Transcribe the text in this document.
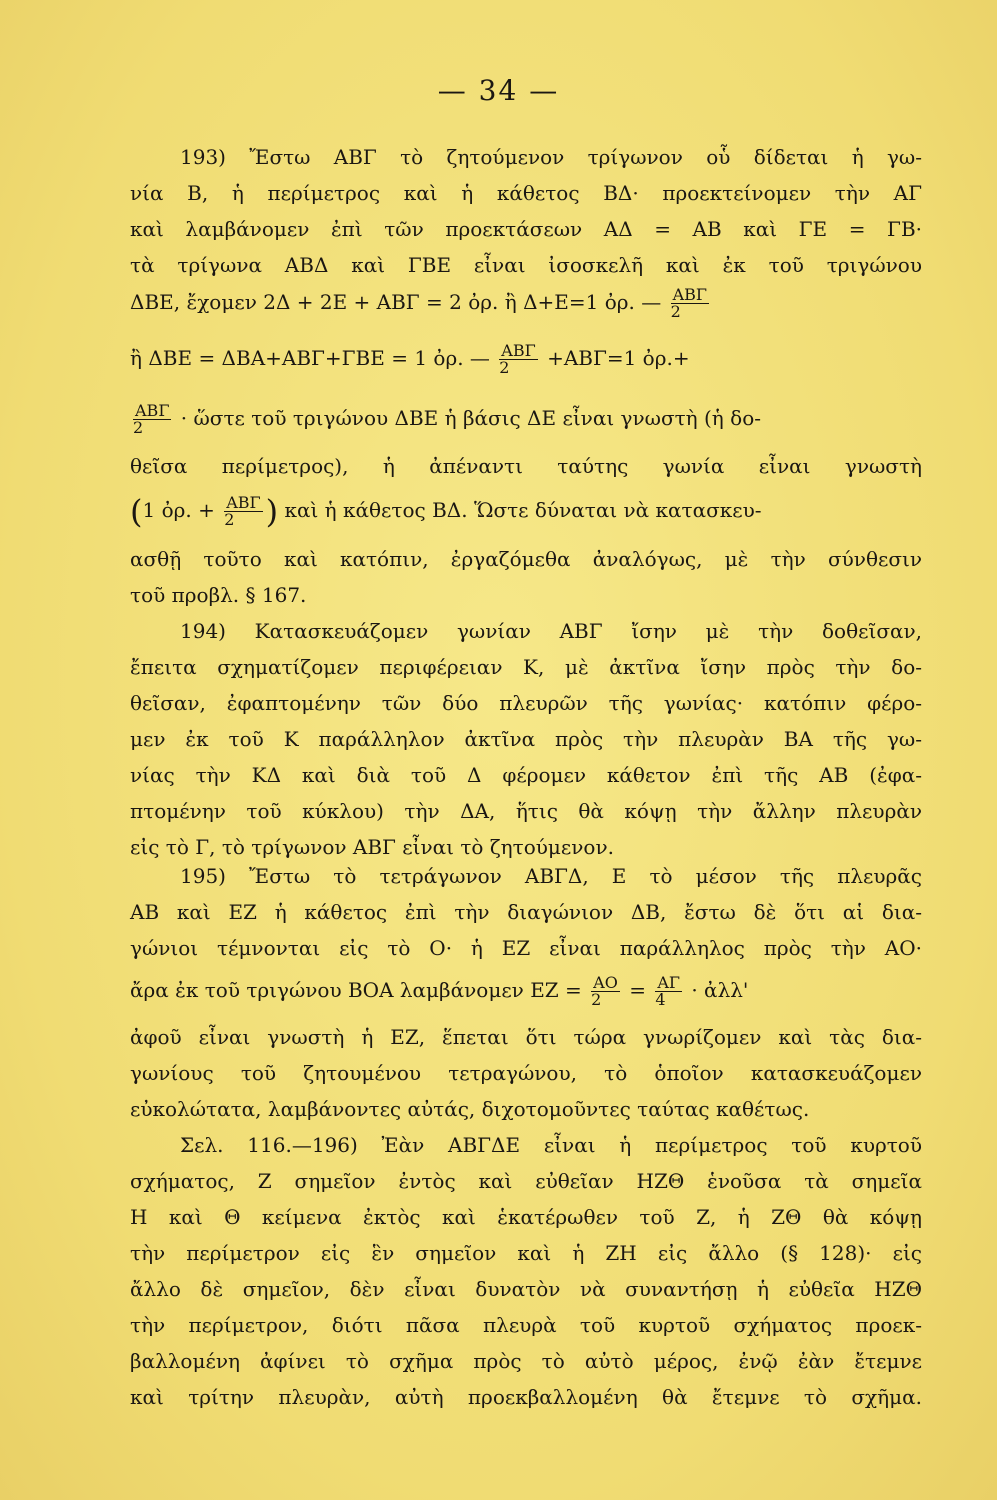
— 34 —
193) Ἔστω ΑΒΓ τὸ ζητούμενον τρίγωνον οὗ δίδεται ἡ γω-
νία Β, ἡ περίμετρος καὶ ἡ κάθετος ΒΔ· προεκτείνομεν τὴν ΑΓ
καὶ λαμβάνομεν ἐπὶ τῶν προεκτάσεων ΑΔ = ΑΒ καὶ ΓΕ = ΓΒ·
τὰ τρίγωνα ΑΒΔ καὶ ΓΒΕ εἶναι ἰσοσκελῆ καὶ ἐκ τοῦ τριγώνου
ΔΒΕ, ἔχομεν 2Δ + 2Ε + ΑΒΓ = 2 ὀρ. ἢ Δ+Ε=1 ὀρ. — $\frac{\text{ΑΒΓ}}{2}$
ἢ ΔΒΕ = ΔΒΑ+ΑΒΓ+ΓΒΕ = 1 ὀρ. — $\frac{\text{ΑΒΓ}}{2} +AB\Gamma=1$ ὀρ.+
$\frac{\text{ΑΒΓ}}{2}$ · ὥστε τοῦ τριγώνου ΔΒΕ ἡ βάσις ΔΕ εἶναι γνωστὴ (ἡ δο-
θεῖσα περίμετρος), ἡ ἀπέναντι ταύτης γωνία εἶναι γνωστὴ
(1 ὀρ. + $\frac{\text{ΑΒΓ}}{2}$ ) καὶ ἡ κάθετος ΒΔ. Ὥστε δύναται νὰ κατασκευ-
ασθῇ τοῦτο καὶ κατόπιν, ἐργαζόμεθα ἀναλόγως, μὲ τὴν σύνθεσιν
τοῦ προβλ. § 167.
194) Κατασκευάζομεν γωνίαν ΑΒΓ ἴσην μὲ τὴν δοθεῖσαν,
ἔπειτα σχηματίζομεν περιφέρειαν Κ, μὲ ἀκτῖνα ἴσην πρὸς τὴν δο-
θεῖσαν, ἐφαπτομένην τῶν δύο πλευρῶν τῆς γωνίας· κατόπιν φέρο-
μεν ἐκ τοῦ Κ παράλληλον ἀκτῖνα πρὸς τὴν πλευρὰν ΒΑ τῆς γω-
νίας τὴν ΚΔ καὶ διὰ τοῦ Δ φέρομεν κάθετον ἐπὶ τῆς ΑΒ (ἐφα-
πτομένην τοῦ κύκλου) τὴν ΔΑ, ἥτις θὰ κόψῃ τὴν ἄλλην πλευρὰν
εἰς τὸ Γ, τὸ τρίγωνον ΑΒΓ εἶναι τὸ ζητούμενον.
195) Ἔστω τὸ τετράγωνον ΑΒΓΔ, Ε τὸ μέσον τῆς πλευρᾶς
ΑΒ καὶ ΕΖ ἡ κάθετος ἐπὶ τὴν διαγώνιον ΔΒ, ἔστω δὲ ὅτι αἱ δια-
γώνιοι τέμνονται εἰς τὸ Ο· ἡ ΕΖ εἶναι παράλληλος πρὸς τὴν ΑΟ·
ἄρα ἐκ τοῦ τριγώνου ΒΟΑ λαμβάνομεν $EZ = \frac{AO}{2} = \frac{A\Gamma}{4}$ · ἀλλ'
ἀφοῦ εἶναι γνωστὴ ἡ ΕΖ, ἕπεται ὅτι τώρα γνωρίζομεν καὶ τὰς δια-
γωνίους τοῦ ζητουμένου τετραγώνου, τὸ ὁποῖον κατασκευάζομεν
εὐκολώτατα, λαμβάνοντες αὐτάς, διχοτομοῦντες ταύτας καθέτως.
Σελ. 116.—196) Ἐὰν ΑΒΓΔΕ εἶναι ἡ περίμετρος τοῦ κυρτοῦ
σχήματος, Ζ σημεῖον ἐντὸς καὶ εὐθεῖαν ΗΖΘ ἑνοῦσα τὰ σημεῖα
Η καὶ Θ κείμενα ἐκτὸς καὶ ἑκατέρωθεν τοῦ Ζ, ἡ ΖΘ θὰ κόψῃ
τὴν περίμετρον εἰς ἓν σημεῖον καὶ ἡ ΖΗ εἰς ἄλλο (§ 128)· εἰς
ἄλλο δὲ σημεῖον, δὲν εἶναι δυνατὸν νὰ συναντήσῃ ἡ εὐθεῖα ΗΖΘ
τὴν περίμετρον, διότι πᾶσα πλευρὰ τοῦ κυρτοῦ σχήματος προεκ-
βαλλομένη ἀφίνει τὸ σχῆμα πρὸς τὸ αὐτὸ μέρος, ἐνῷ ἐὰν ἔτεμνε
καὶ τρίτην πλευρὰν, αὐτὴ προεκβαλλομένη θὰ ἔτεμνε τὸ σχῆμα.
